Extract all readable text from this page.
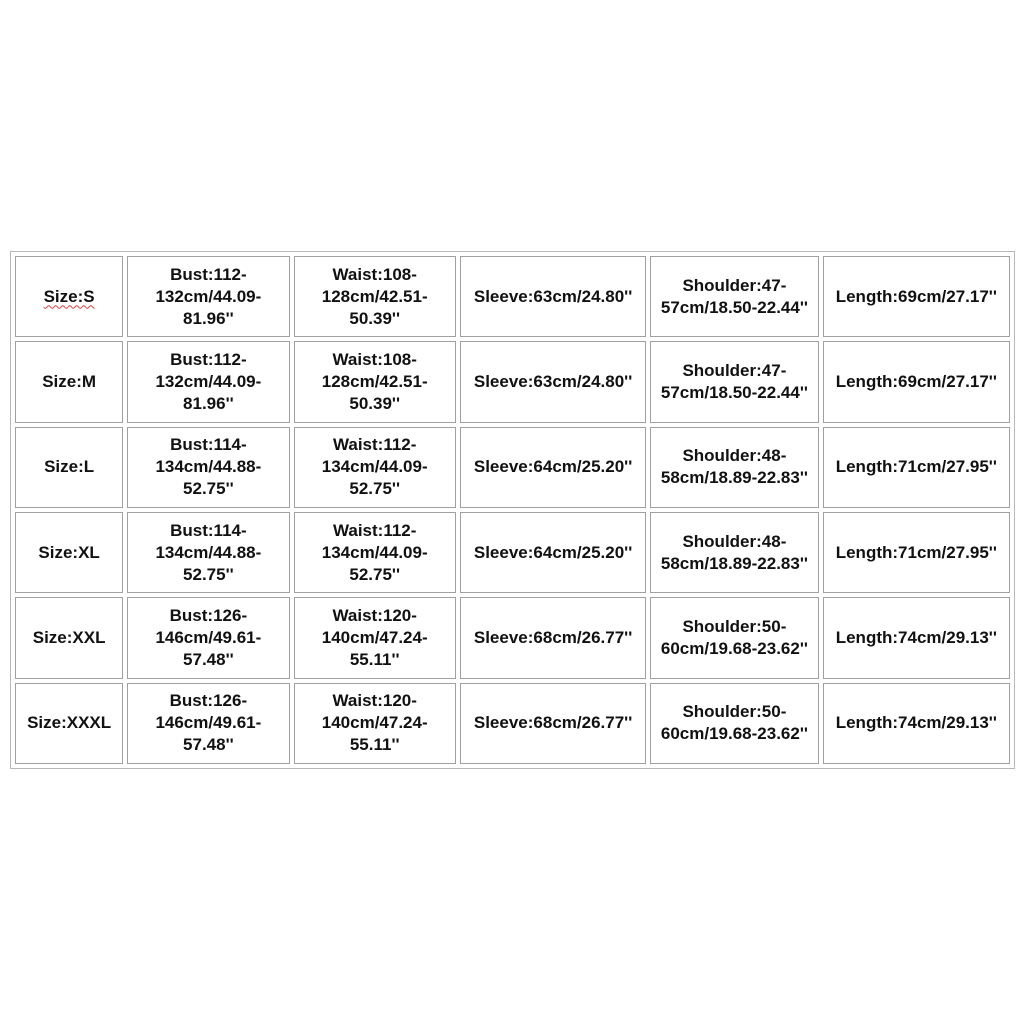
Size:S	Bust:112-
132cm/44.09-
81.96''	Waist:108-
128cm/42.51-
50.39''	Sleeve:63cm/24.80''	Shoulder:47-
57cm/18.50-22.44''	Length:69cm/27.17''
Size:M	Bust:112-
132cm/44.09-
81.96''	Waist:108-
128cm/42.51-
50.39''	Sleeve:63cm/24.80''	Shoulder:47-
57cm/18.50-22.44''	Length:69cm/27.17''
Size:L	Bust:114-
134cm/44.88-
52.75''	Waist:112-
134cm/44.09-
52.75''	Sleeve:64cm/25.20''	Shoulder:48-
58cm/18.89-22.83''	Length:71cm/27.95''
Size:XL	Bust:114-
134cm/44.88-
52.75''	Waist:112-
134cm/44.09-
52.75''	Sleeve:64cm/25.20''	Shoulder:48-
58cm/18.89-22.83''	Length:71cm/27.95''
Size:XXL	Bust:126-
146cm/49.61-
57.48''	Waist:120-
140cm/47.24-
55.11''	Sleeve:68cm/26.77''	Shoulder:50-
60cm/19.68-23.62''	Length:74cm/29.13''
Size:XXXL	Bust:126-
146cm/49.61-
57.48''	Waist:120-
140cm/47.24-
55.11''	Sleeve:68cm/26.77''	Shoulder:50-
60cm/19.68-23.62''	Length:74cm/29.13''
